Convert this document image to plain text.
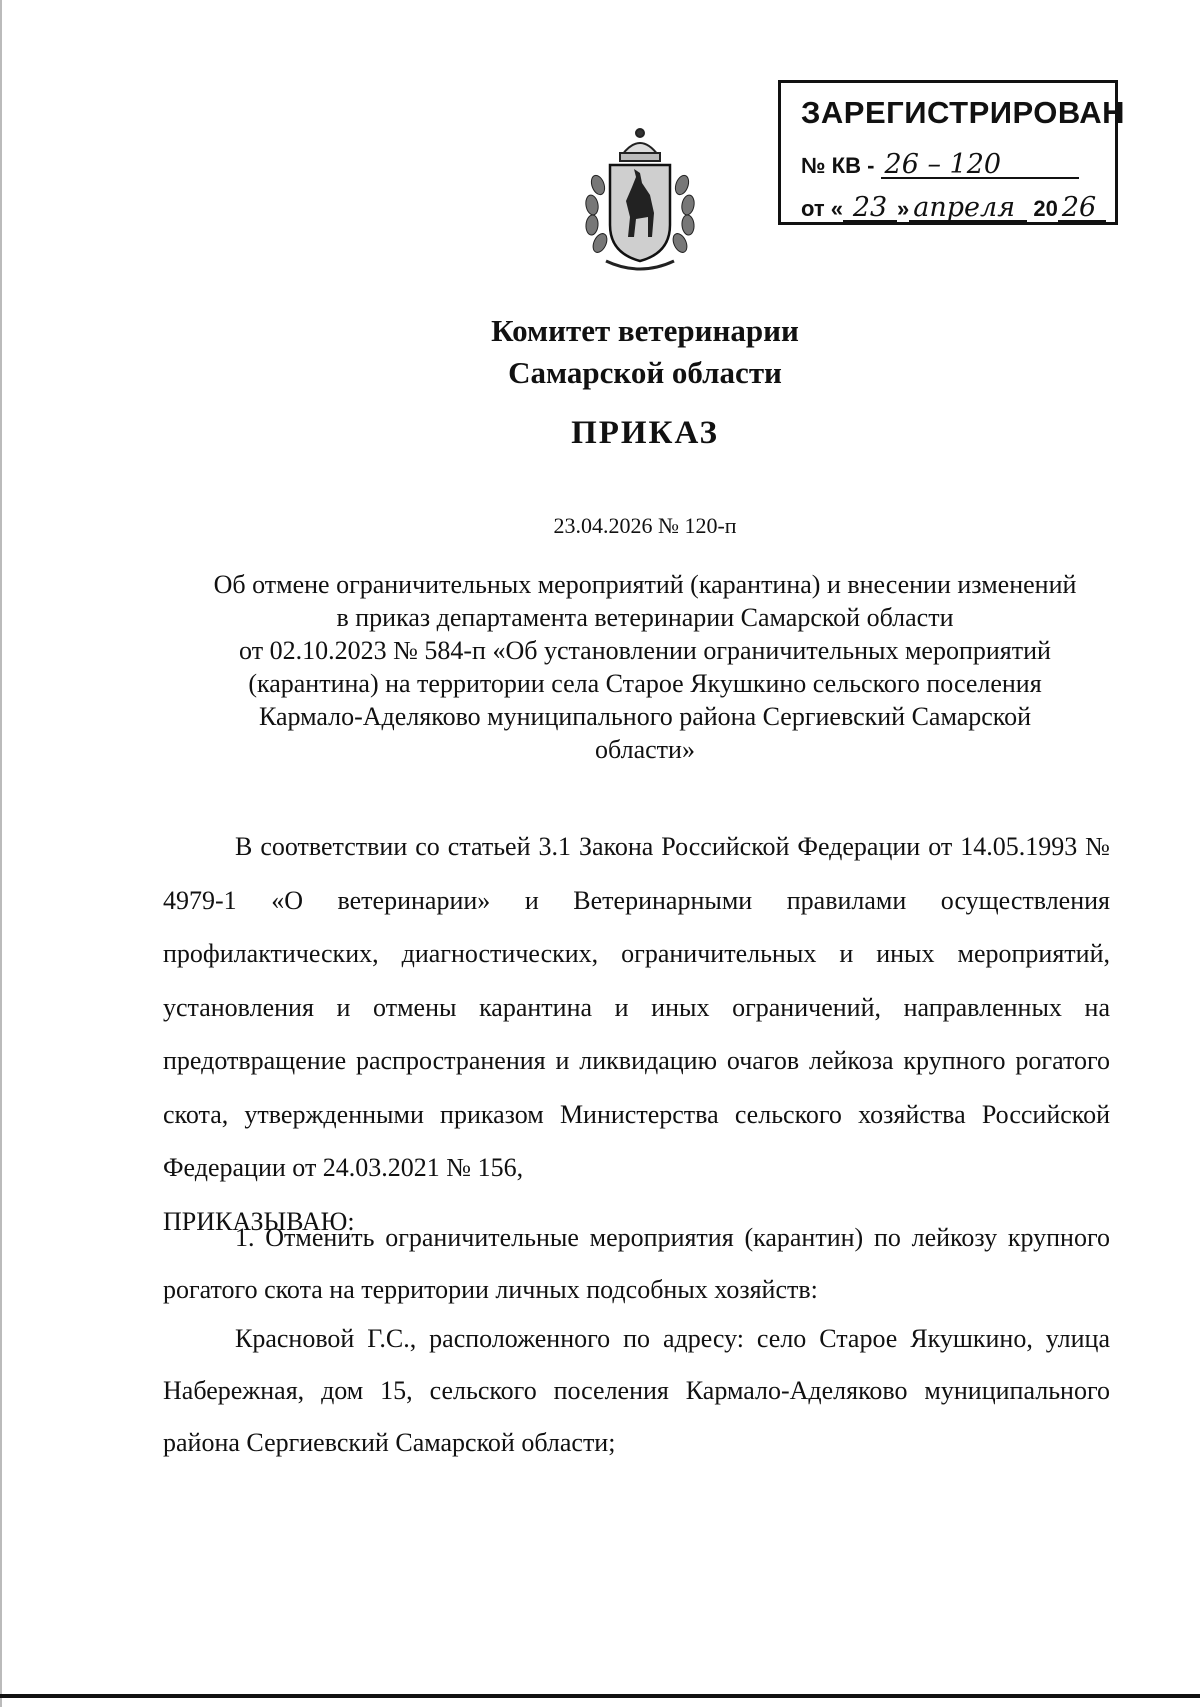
ЗАРЕГИСТРИРОВАН
№ КВ - 26 – 120
от « 23 » апреля 20 26
Комитет ветеринарии
Самарской области
ПРИКАЗ
23.04.2026 № 120-п
Об отмене ограничительных мероприятий (карантина) и внесении изменений
в приказ департамента ветеринарии Самарской области
от 02.10.2023 № 584-п «Об установлении ограничительных мероприятий
(карантина) на территории села Старое Якушкино сельского поселения
Кармало-Аделяково муниципального района Сергиевский Самарской
области»

В соответствии со статьей 3.1 Закона Российской Федерации от 14.05.1993 № 4979-1 «О ветеринарии» и Ветеринарными правилами осуществления профилактических, диагностических, ограничительных и иных мероприятий, установления и отмены карантина и иных ограничений, направленных на предотвращение распространения и ликвидацию очагов лейкоза крупного рогатого скота, утвержденными приказом Министерства сельского хозяйства Российской Федерации от 24.03.2021 № 156,

ПРИКАЗЫВАЮ:

1. Отменить ограничительные мероприятия (карантин) по лейкозу крупного рогатого скота на территории личных подсобных хозяйств:

Красновой Г.С., расположенного по адресу: село Старое Якушкино, улица Набережная, дом 15, сельского поселения Кармало-Аделяково муниципального района Сергиевский Самарской области;
